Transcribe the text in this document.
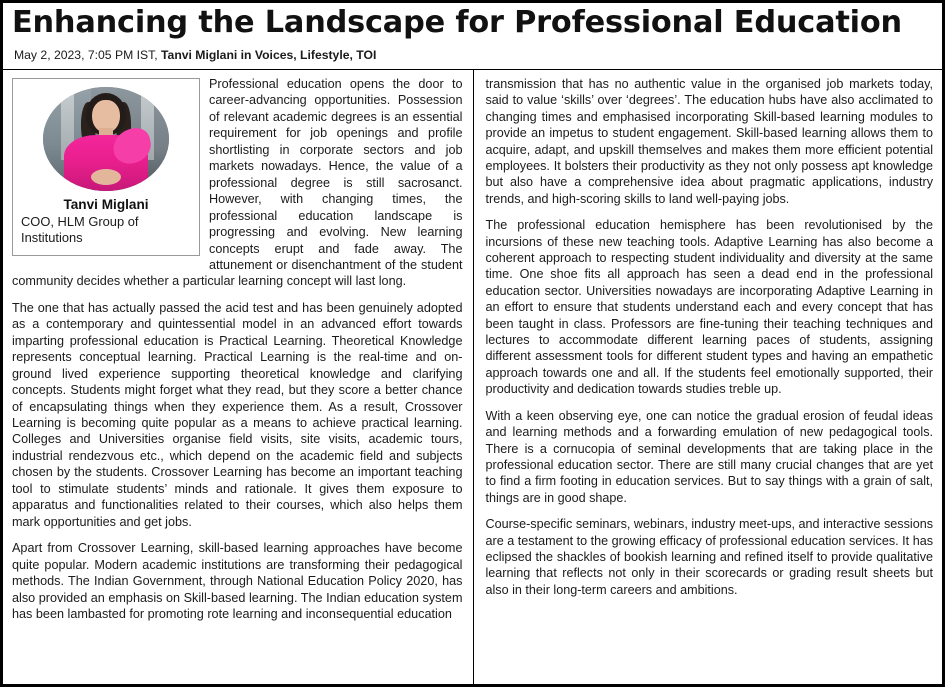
Enhancing the Landscape for Professional Education
May 2, 2023, 7:05 PM IST, Tanvi Miglani in Voices, Lifestyle, TOI

Tanvi Miglani

COO, HLM Group of Institutions

Professional education opens the door to career-advancing opportunities. Possession of relevant academic degrees is an essential requirement for job openings and profile shortlisting in corporate sectors and job markets nowadays. Hence, the value of a professional degree is still sacrosanct. However, with changing times, the professional education landscape is progressing and evolving. New learning concepts erupt and fade away. The attunement or disenchantment of the student community decides whether a particular learning concept will last long.

The one that has actually passed the acid test and has been genuinely adopted as a contemporary and quintessential model in an advanced effort towards imparting professional education is Practical Learning. Theoretical Knowledge represents conceptual learning. Practical Learning is the real-time and on-ground lived experience supporting theoretical knowledge and clarifying concepts. Students might forget what they read, but they score a better chance of encapsulating things when they experience them. As a result, Crossover Learning is becoming quite popular as a means to achieve practical learning. Colleges and Universities organise field visits, site visits, academic tours, industrial rendezvous etc., which depend on the academic field and subjects chosen by the students. Crossover Learning has become an important teaching tool to stimulate students’ minds and rationale. It gives them exposure to apparatus and functionalities related to their courses, which also helps them mark opportunities and get jobs.

Apart from Crossover Learning, skill-based learning approaches have become quite popular. Modern academic institutions are transforming their pedagogical methods. The Indian Government, through National Education Policy 2020, has also provided an emphasis on Skill-based learning. The Indian education system has been lambasted for promoting rote learning and inconsequential education

transmission that has no authentic value in the organised job markets today, said to value ‘skills’ over ‘degrees’. The education hubs have also acclimated to changing times and emphasised incorporating Skill-based learning modules to provide an impetus to student engagement. Skill-based learning allows them to acquire, adapt, and upskill themselves and makes them more efficient potential employees. It bolsters their productivity as they not only possess apt knowledge but also have a comprehensive idea about pragmatic applications, industry trends, and high-scoring skills to land well-paying jobs.

The professional education hemisphere has been revolutionised by the incursions of these new teaching tools. Adaptive Learning has also become a coherent approach to respecting student individuality and diversity at the same time. One shoe fits all approach has seen a dead end in the professional education sector. Universities nowadays are incorporating Adaptive Learning in an effort to ensure that students understand each and every concept that has been taught in class. Professors are fine-tuning their teaching techniques and lectures to accommodate different learning paces of students, assigning different assessment tools for different student types and having an empathetic approach towards one and all. If the students feel emotionally supported, their productivity and dedication towards studies treble up.

With a keen observing eye, one can notice the gradual erosion of feudal ideas and learning methods and a forwarding emulation of new pedagogical tools. There is a cornucopia of seminal developments that are taking place in the professional education sector. There are still many crucial changes that are yet to find a firm footing in education services. But to say things with a grain of salt, things are in good shape.

Course-specific seminars, webinars, industry meet-ups, and interactive sessions are a testament to the growing efficacy of professional education services. It has eclipsed the shackles of bookish learning and refined itself to provide qualitative learning that reflects not only in their scorecards or grading result sheets but also in their long-term careers and ambitions.
